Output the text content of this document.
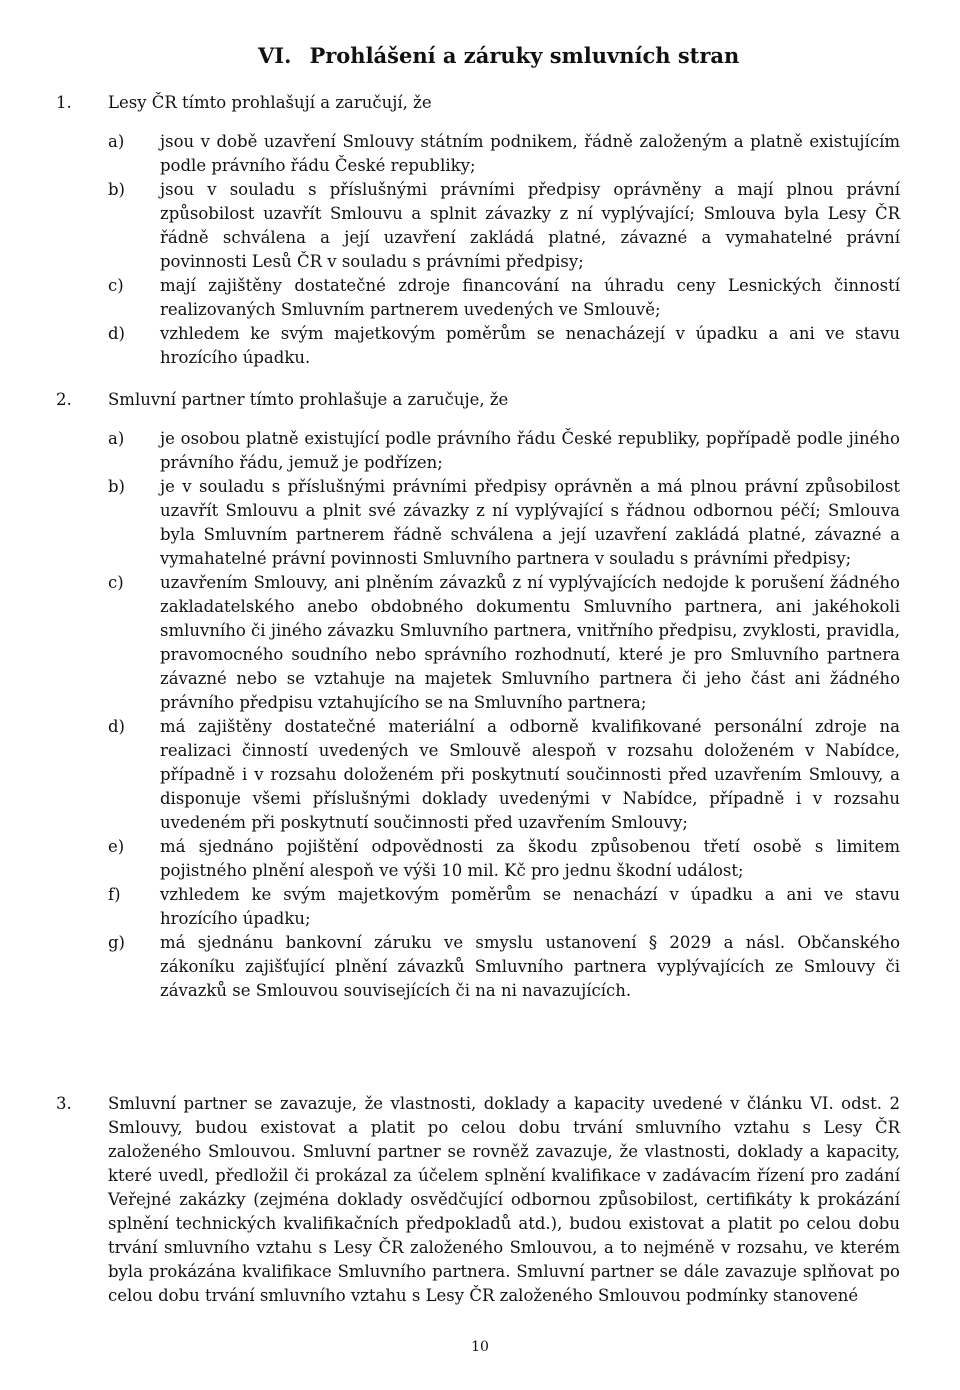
VI. Prohlášení a záruky smluvních stran
1. Lesy ČR tímto prohlašují a zaručují, že
a) jsou v době uzavření Smlouvy státním podnikem, řádně založeným a platně existujícím podle právního řádu České republiky;
b) jsou v souladu s příslušnými právními předpisy oprávněny a mají plnou právní způsobilost uzavřít Smlouvu a splnit závazky z ní vyplývající; Smlouva byla Lesy ČR řádně schválena a její uzavření zakládá platné, závazné a vymahatelné právní povinnosti Lesů ČR v souladu s právními předpisy;
c) mají zajištěny dostatečné zdroje financování na úhradu ceny Lesnických činností realizovaných Smluvním partnerem uvedených ve Smlouvě;
d) vzhledem ke svým majetkovým poměrům se nenacházejí v úpadku a ani ve stavu hrozícího úpadku.
2. Smluvní partner tímto prohlašuje a zaručuje, že
a) je osobou platně existující podle právního řádu České republiky, popřípadě podle jiného právního řádu, jemuž je podřízen;
b) je v souladu s příslušnými právními předpisy oprávněn a má plnou právní způsobilost uzavřít Smlouvu a plnit své závazky z ní vyplývající s řádnou odbornou péčí; Smlouva byla Smluvním partnerem řádně schválena a její uzavření zakládá platné, závazné a vymahatelné právní povinnosti Smluvního partnera v souladu s právními předpisy;
c) uzavřením Smlouvy, ani plněním závazků z ní vyplývajících nedojde k porušení žádného zakladatelského anebo obdobného dokumentu Smluvního partnera, ani jakéhokoli smluvního či jiného závazku Smluvního partnera, vnitřního předpisu, zvyklosti, pravidla, pravomocného soudního nebo správního rozhodnutí, které je pro Smluvního partnera závazné nebo se vztahuje na majetek Smluvního partnera či jeho část ani žádného právního předpisu vztahujícího se na Smluvního partnera;
d) má zajištěny dostatečné materiální a odborně kvalifikované personální zdroje na realizaci činností uvedených ve Smlouvě alespoň v rozsahu doloženém v Nabídce, případně i v rozsahu doloženém při poskytnutí součinnosti před uzavřením Smlouvy, a disponuje všemi příslušnými doklady uvedenými v Nabídce, případně i v rozsahu uvedeném při poskytnutí součinnosti před uzavřením Smlouvy;
e) má sjednáno pojištění odpovědnosti za škodu způsobenou třetí osobě s limitem pojistného plnění alespoň ve výši 10 mil. Kč pro jednu škodní událost;
f) vzhledem ke svým majetkovým poměrům se nenachází v úpadku a ani ve stavu hrozícího úpadku;
g) má sjednánu bankovní záruku ve smyslu ustanovení § 2029 a násl. Občanského zákoníku zajišťující plnění závazků Smluvního partnera vyplývajících ze Smlouvy či závazků se Smlouvou souvisejících či na ni navazujících.
3. Smluvní partner se zavazuje, že vlastnosti, doklady a kapacity uvedené v článku VI. odst. 2 Smlouvy, budou existovat a platit po celou dobu trvání smluvního vztahu s Lesy ČR založeného Smlouvou. Smluvní partner se rovněž zavazuje, že vlastnosti, doklady a kapacity, které uvedl, předložil či prokázal za účelem splnění kvalifikace v zadávacím řízení pro zadání Veřejné zakázky (zejména doklady osvědčující odbornou způsobilost, certifikáty k prokázání splnění technických kvalifikačních předpokladů atd.), budou existovat a platit po celou dobu trvání smluvního vztahu s Lesy ČR založeného Smlouvou, a to nejméně v rozsahu, ve kterém byla prokázána kvalifikace Smluvního partnera. Smluvní partner se dále zavazuje splňovat po celou dobu trvání smluvního vztahu s Lesy ČR založeného Smlouvou podmínky stanovené

10
